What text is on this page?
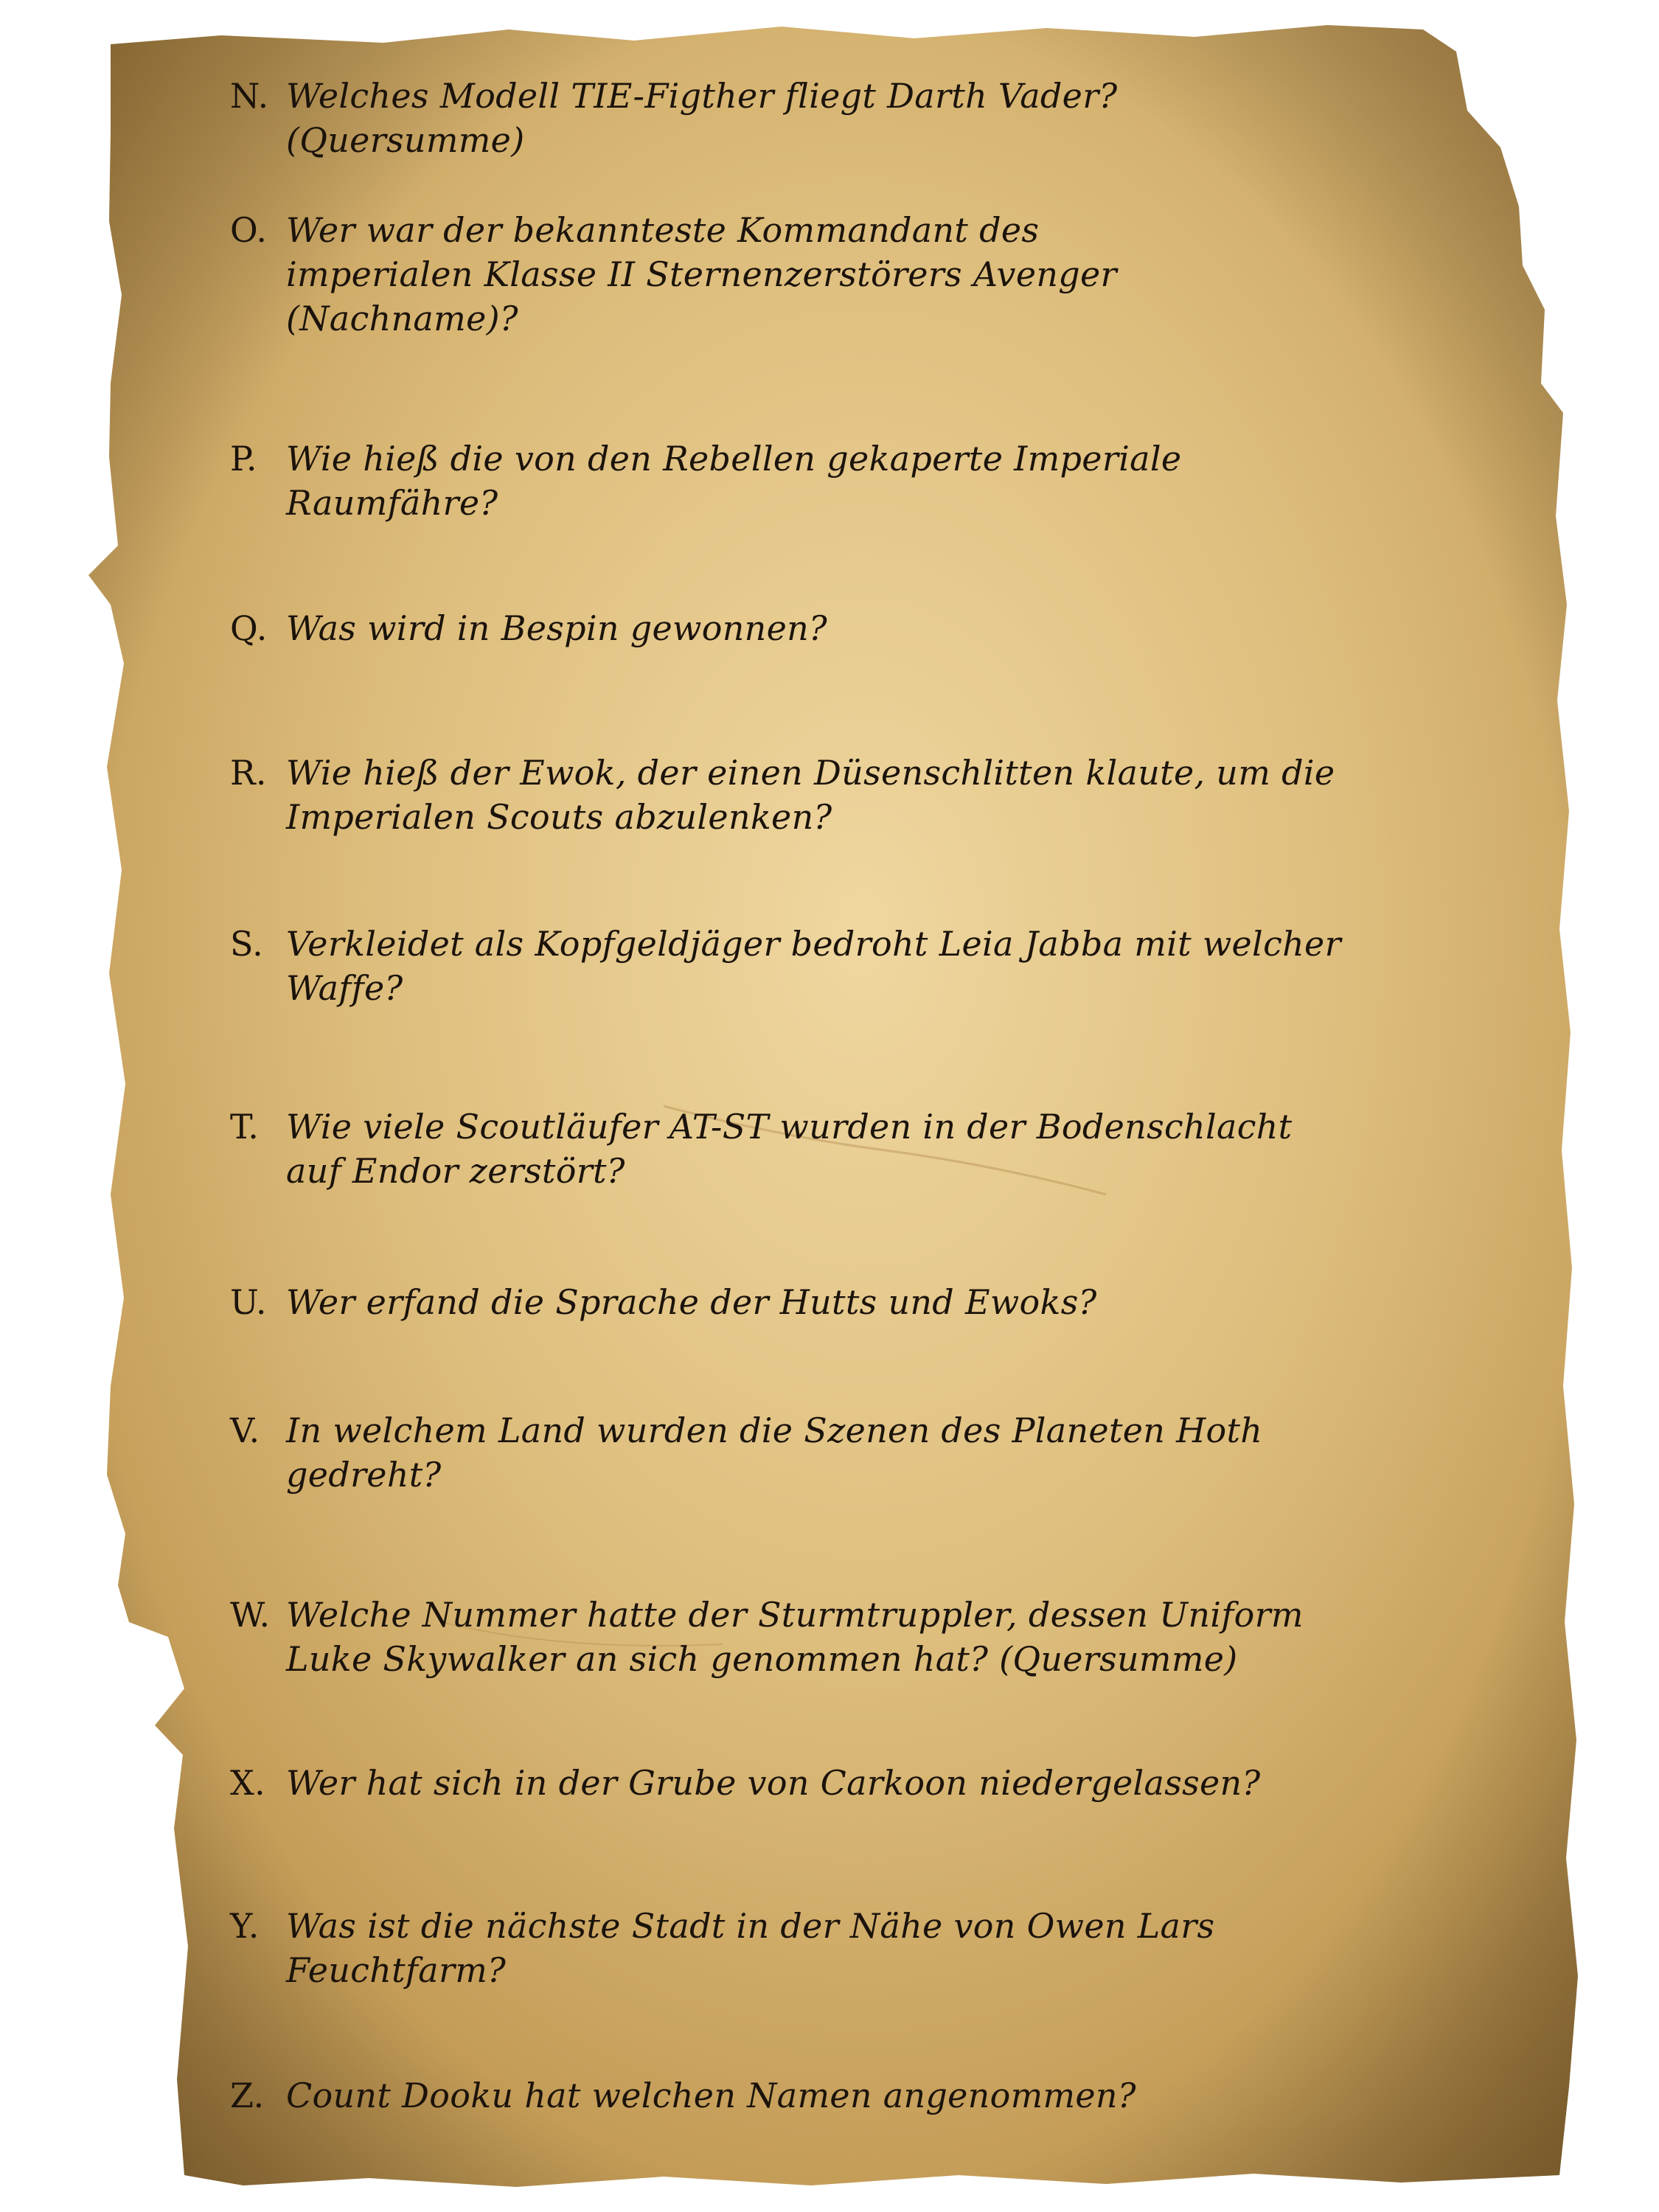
N. Welches Modell TIE-Figther fliegt Darth Vader?
(Quersumme)
O. Wer war der bekannteste Kommandant des
imperialen Klasse II Sternenzerstörers Avenger
(Nachname)?
P. Wie hieß die von den Rebellen gekaperte Imperiale
Raumfähre?
Q. Was wird in Bespin gewonnen?
R. Wie hieß der Ewok, der einen Düsenschlitten klaute, um die
Imperialen Scouts abzulenken?
S. Verkleidet als Kopfgeldjäger bedroht Leia Jabba mit welcher
Waffe?
T. Wie viele Scoutläufer AT-ST wurden in der Bodenschlacht
auf Endor zerstört?
U. Wer erfand die Sprache der Hutts und Ewoks?
V. In welchem Land wurden die Szenen des Planeten Hoth
gedreht?
W. Welche Nummer hatte der Sturmtruppler, dessen Uniform
Luke Skywalker an sich genommen hat? (Quersumme)
X. Wer hat sich in der Grube von Carkoon niedergelassen?
Y. Was ist die nächste Stadt in der Nähe von Owen Lars
Feuchtfarm?
Z. Count Dooku hat welchen Namen angenommen?
